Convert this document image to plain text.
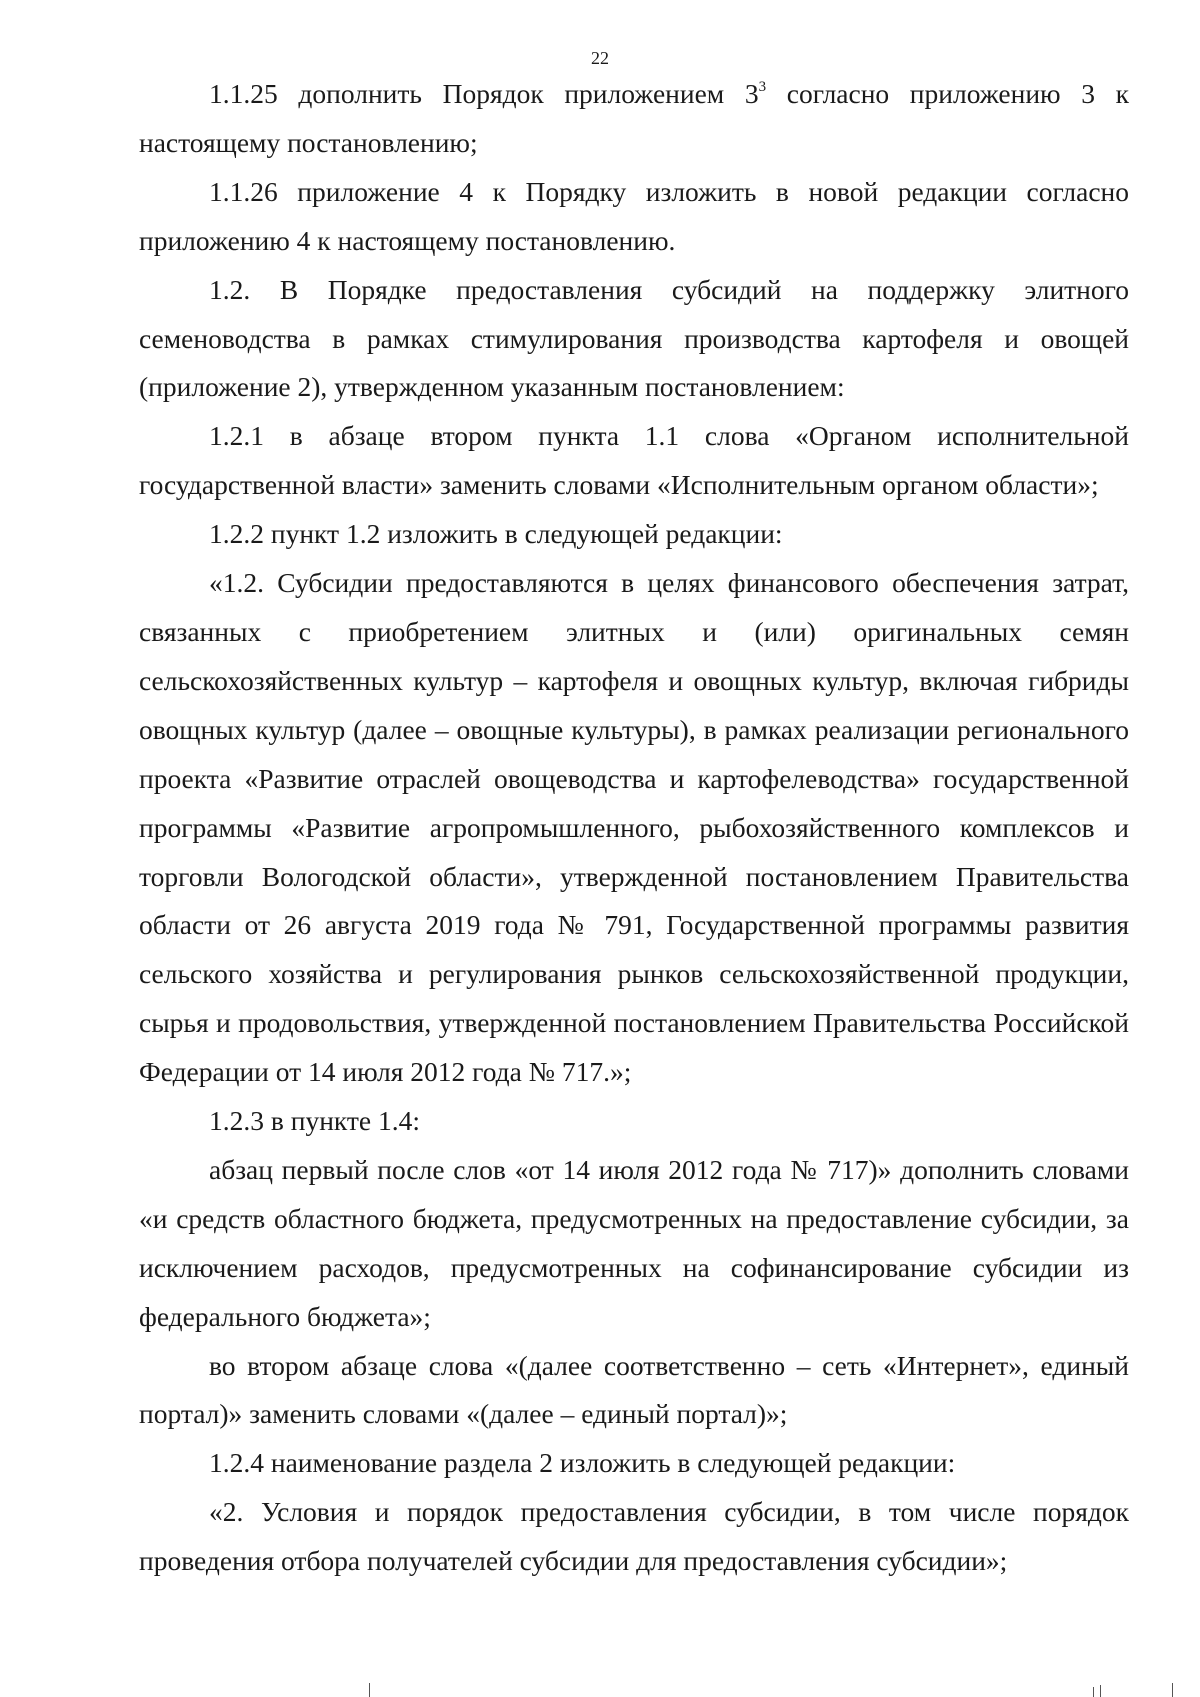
22

1.1.25 дополнить Порядок приложением $3^3$ согласно приложению 3 к настоящему постановлению;

1.1.26 приложение 4 к Порядку изложить в новой редакции согласно приложению 4 к настоящему постановлению.

1.2. В Порядке предоставления субсидий на поддержку элитного семеноводства в рамках стимулирования производства картофеля и овощей (приложение 2), утвержденном указанным постановлением:

1.2.1 в абзаце втором пункта 1.1 слова «Органом исполнительной государственной власти» заменить словами «Исполнительным органом области»;

1.2.2 пункт 1.2 изложить в следующей редакции:

«1.2. Субсидии предоставляются в целях финансового обеспечения затрат, связанных с приобретением элитных и (или) оригинальных семян сельскохозяйственных культур – картофеля и овощных культур, включая гибриды овощных культур (далее – овощные культуры), в рамках реализации регионального проекта «Развитие отраслей овощеводства и картофелеводства» государственной программы «Развитие агропромышленного, рыбохозяйственного комплексов и торговли Вологодской области», утвержденной постановлением Правительства области от 26 августа 2019 года № 791, Государственной программы развития сельского хозяйства и регулирования рынков сельскохозяйственной продукции, сырья и продовольствия, утвержденной постановлением Правительства Российской Федерации от 14 июля 2012 года № 717.»;

1.2.3 в пункте 1.4:

абзац первый после слов «от 14 июля 2012 года № 717)» дополнить словами «и средств областного бюджета, предусмотренных на предоставление субсидии, за исключением расходов, предусмотренных на софинансирование субсидии из федерального бюджета»;

во втором абзаце слова «(далее соответственно – сеть «Интернет», единый портал)» заменить словами «(далее – единый портал)»;

1.2.4 наименование раздела 2 изложить в следующей редакции:

«2. Условия и порядок предоставления субсидии, в том числе порядок проведения отбора получателей субсидии для предоставления субсидии»;
